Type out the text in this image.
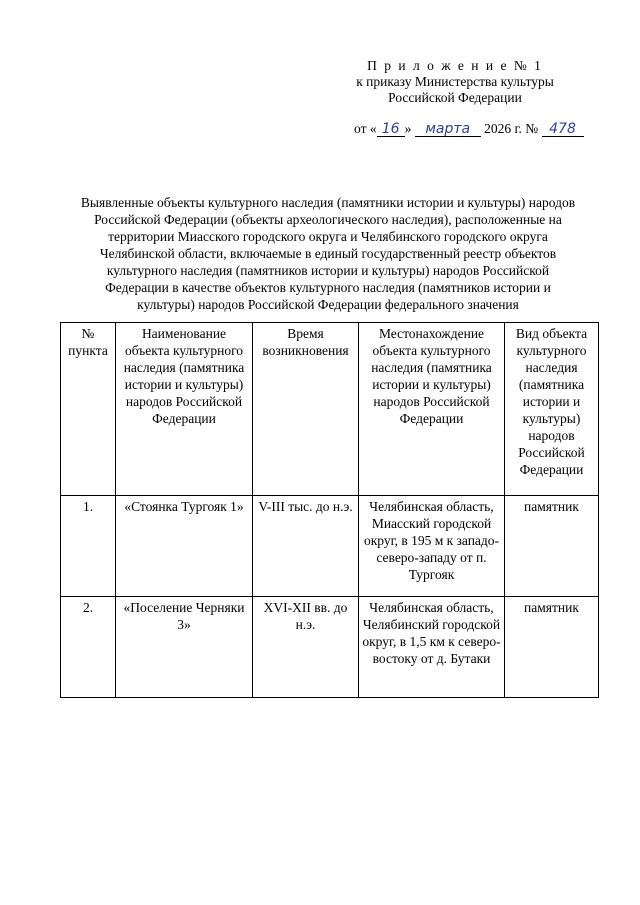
П р и л о ж е н и е № 1
к приказу Министерства культуры
Российской Федерации
от « 16 » марта 2026 г. № 478
Выявленные объекты культурного наследия (памятники истории и культуры) народов Российской Федерации (объекты археологического наследия), расположенные на территории Миасского городского округа и Челябинского городского округа Челябинской области, включаемые в единый государственный реестр объектов культурного наследия (памятников истории и культуры) народов Российской Федерации в качестве объектов культурного наследия (памятников истории и культуры) народов Российской Федерации федерального значения
№ пункта	Наименование объекта культурного наследия (памятника истории и культуры) народов Российской Федерации	Время возникновения	Местонахождение объекта культурного наследия (памятника истории и культуры) народов Российской Федерации	Вид объекта культурного наследия (памятника истории и культуры) народов Российской Федерации
1.	«Стоянка Тургояк 1»	V-III тыс. до н.э.	Челябинская область, Миасский городской округ, в 195 м к западо-северо-западу от п. Тургояк	памятник
2.	«Поселение Черняки 3»	XVI-XII вв. до н.э.	Челябинская область, Челябинский городской округ, в 1,5 км к северо-востоку от д. Бутаки	памятник
